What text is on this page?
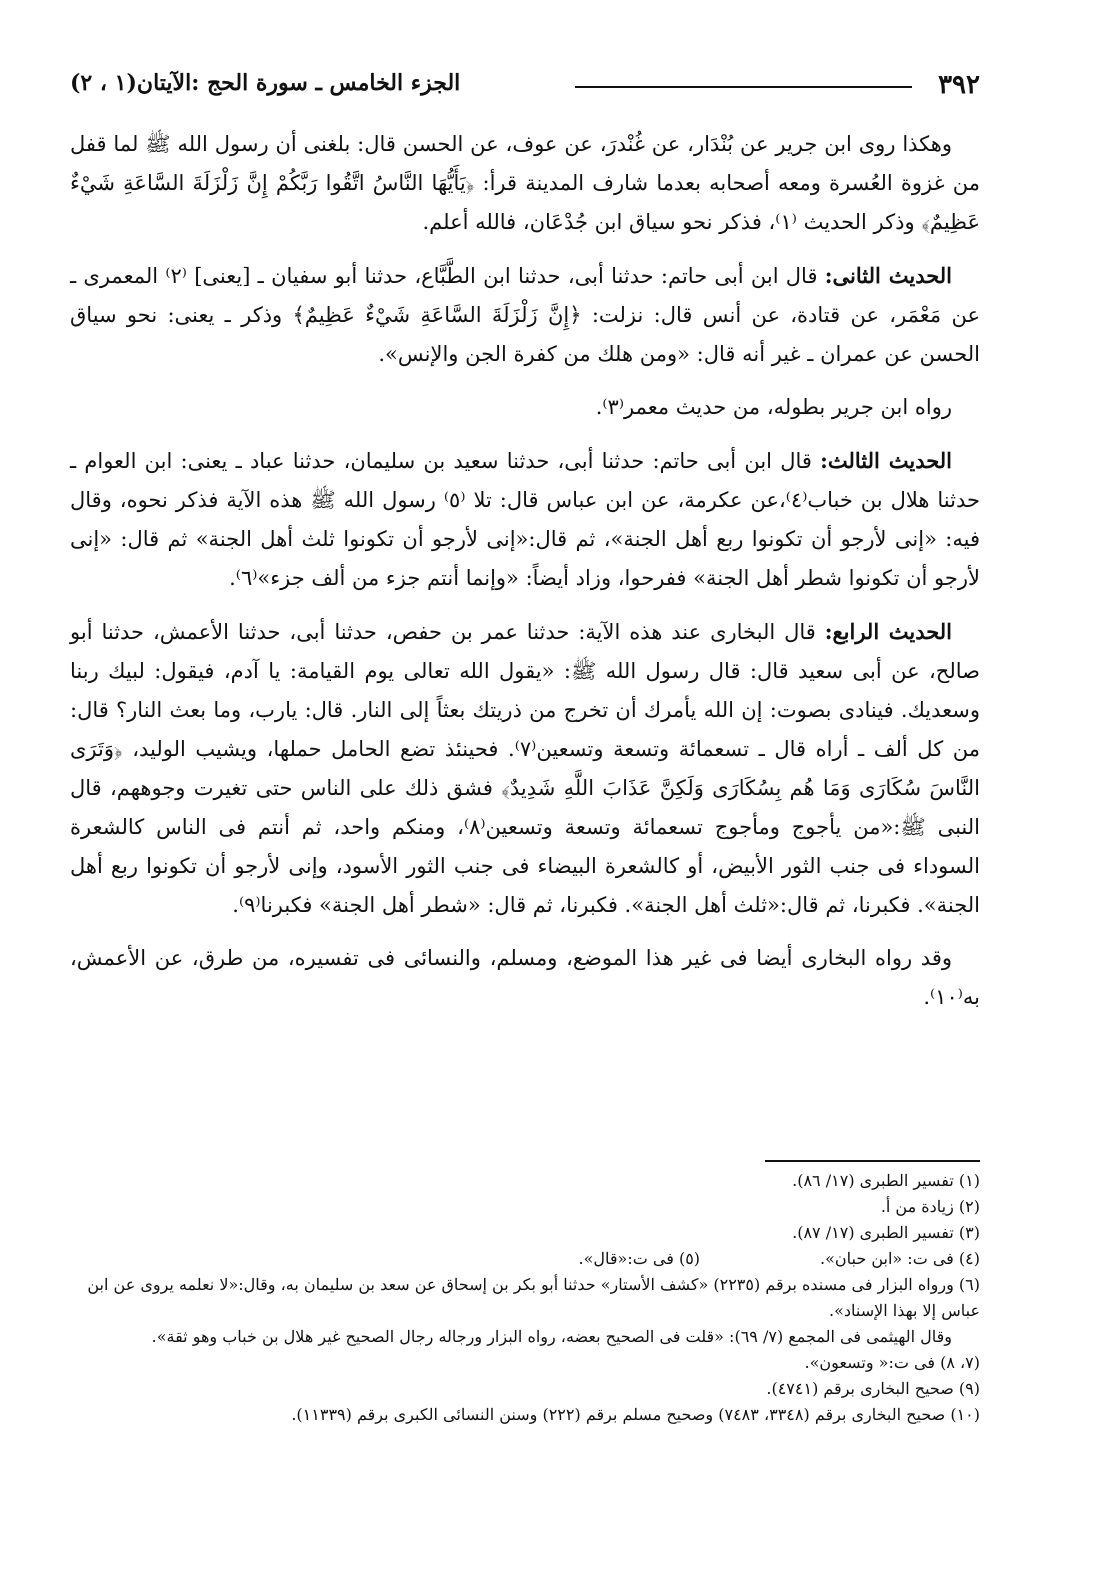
٣٩٢
الجزء الخامس ـ سورة الحج :الآيتان(١ ، ٢)

وهكذا روى ابن جرير عن بُنْدَار، عن غُنْدرَ، عن عوف، عن الحسن قال: بلغنى أن رسول الله ﷺ لما قفل من غزوة العُسرة ومعه أصحابه بعدما شارف المدينة قرأ: ﴿يَأَيُّهَا النَّاسُ اتَّقُوا رَبَّكُمْ إِنَّ زَلْزَلَةَ السَّاعَةِ شَيْءٌ عَظِيمٌ﴾ وذكر الحديث ⁽١⁾، فذكر نحو سياق ابن جُدْعَان، فالله أعلم.

الحديث الثانى: قال ابن أبى حاتم: حدثنا أبى، حدثنا ابن الطَّبَّاع، حدثنا أبو سفيان ـ [يعنى] ⁽٢⁾ المعمرى ـ عن مَعْمَر، عن قتادة، عن أنس قال: نزلت: ﴿إِنَّ زَلْزَلَةَ السَّاعَةِ شَيْءٌ عَظِيمٌ﴾ وذكر ـ يعنى: نحو سياق الحسن عن عمران ـ غير أنه قال: «ومن هلك من كفرة الجن والإنس».

رواه ابن جرير بطوله، من حديث معمر⁽٣⁾.

الحديث الثالث: قال ابن أبى حاتم: حدثنا أبى، حدثنا سعيد بن سليمان، حدثنا عباد ـ يعنى: ابن العوام ـ حدثنا هلال بن خباب⁽٤⁾،عن عكرمة، عن ابن عباس قال: تلا ⁽٥⁾ رسول الله ﷺ هذه الآية فذكر نحوه، وقال فيه: «إنى لأرجو أن تكونوا ربع أهل الجنة»، ثم قال:«إنى لأرجو أن تكونوا ثلث أهل الجنة» ثم قال: «إنى لأرجو أن تكونوا شطر أهل الجنة» ففرحوا، وزاد أيضاً: «وإنما أنتم جزء من ألف جزء»⁽٦⁾.

الحديث الرابع: قال البخارى عند هذه الآية: حدثنا عمر بن حفص، حدثنا أبى، حدثنا الأعمش، حدثنا أبو صالح، عن أبى سعيد قال: قال رسول الله ﷺ: «يقول الله تعالى يوم القيامة: يا آدم، فيقول: لبيك ربنا وسعديك. فينادى بصوت: إن الله يأمرك أن تخرج من ذريتك بعثاً إلى النار. قال: يارب، وما بعث النار؟ قال: من كل ألف ـ أراه قال ـ تسعمائة وتسعة وتسعين⁽٧⁾. فحينئذ تضع الحامل حملها، ويشيب الوليد، ﴿وَتَرَى النَّاسَ سُكَارَى وَمَا هُم بِسُكَارَى وَلَكِنَّ عَذَابَ اللَّهِ شَدِيدٌ﴾ فشق ذلك على الناس حتى تغيرت وجوههم، قال النبى ﷺ:«من يأجوج ومأجوج تسعمائة وتسعة وتسعين⁽٨⁾، ومنكم واحد، ثم أنتم فى الناس كالشعرة السوداء فى جنب الثور الأبيض، أو كالشعرة البيضاء فى جنب الثور الأسود، وإنى لأرجو أن تكونوا ربع أهل الجنة». فكبرنا، ثم قال:«ثلث أهل الجنة». فكبرنا، ثم قال: «شطر أهل الجنة» فكبرنا⁽٩⁾.

وقد رواه البخارى أيضا فى غير هذا الموضع، ومسلم، والنسائى فى تفسيره، من طرق، عن الأعمش، به⁽١٠⁾.

(١) تفسير الطبرى (١٧/ ٨٦).

(٢) زيادة من أ.

(٣) تفسير الطبرى (١٧/ ٨٧).

(٤) فى ت: «ابن حبان».
(٥) فى ت:«قال».

(٦) ورواه البزار فى مسنده برقم (٢٢٣٥) «كشف الأستار» حدثنا أبو بكر بن إسحاق عن سعد بن سليمان به، وقال:«لا نعلمه يروى عن ابن عباس إلا بهذا الإسناد».

وقال الهيثمى فى المجمع (٧/ ٦٩): «قلت فى الصحيح بعضه، رواه البزار ورجاله رجال الصحيح غير هلال بن خباب وهو ثقة».

(٧، ٨) فى ت:« وتسعون».

(٩) صحيح البخارى برقم (٤٧٤١).

(١٠) صحيح البخارى برقم (٣٣٤٨، ٧٤٨٣) وصحيح مسلم برقم (٢٢٢) وسنن النسائى الكبرى برقم (١١٣٣٩).
